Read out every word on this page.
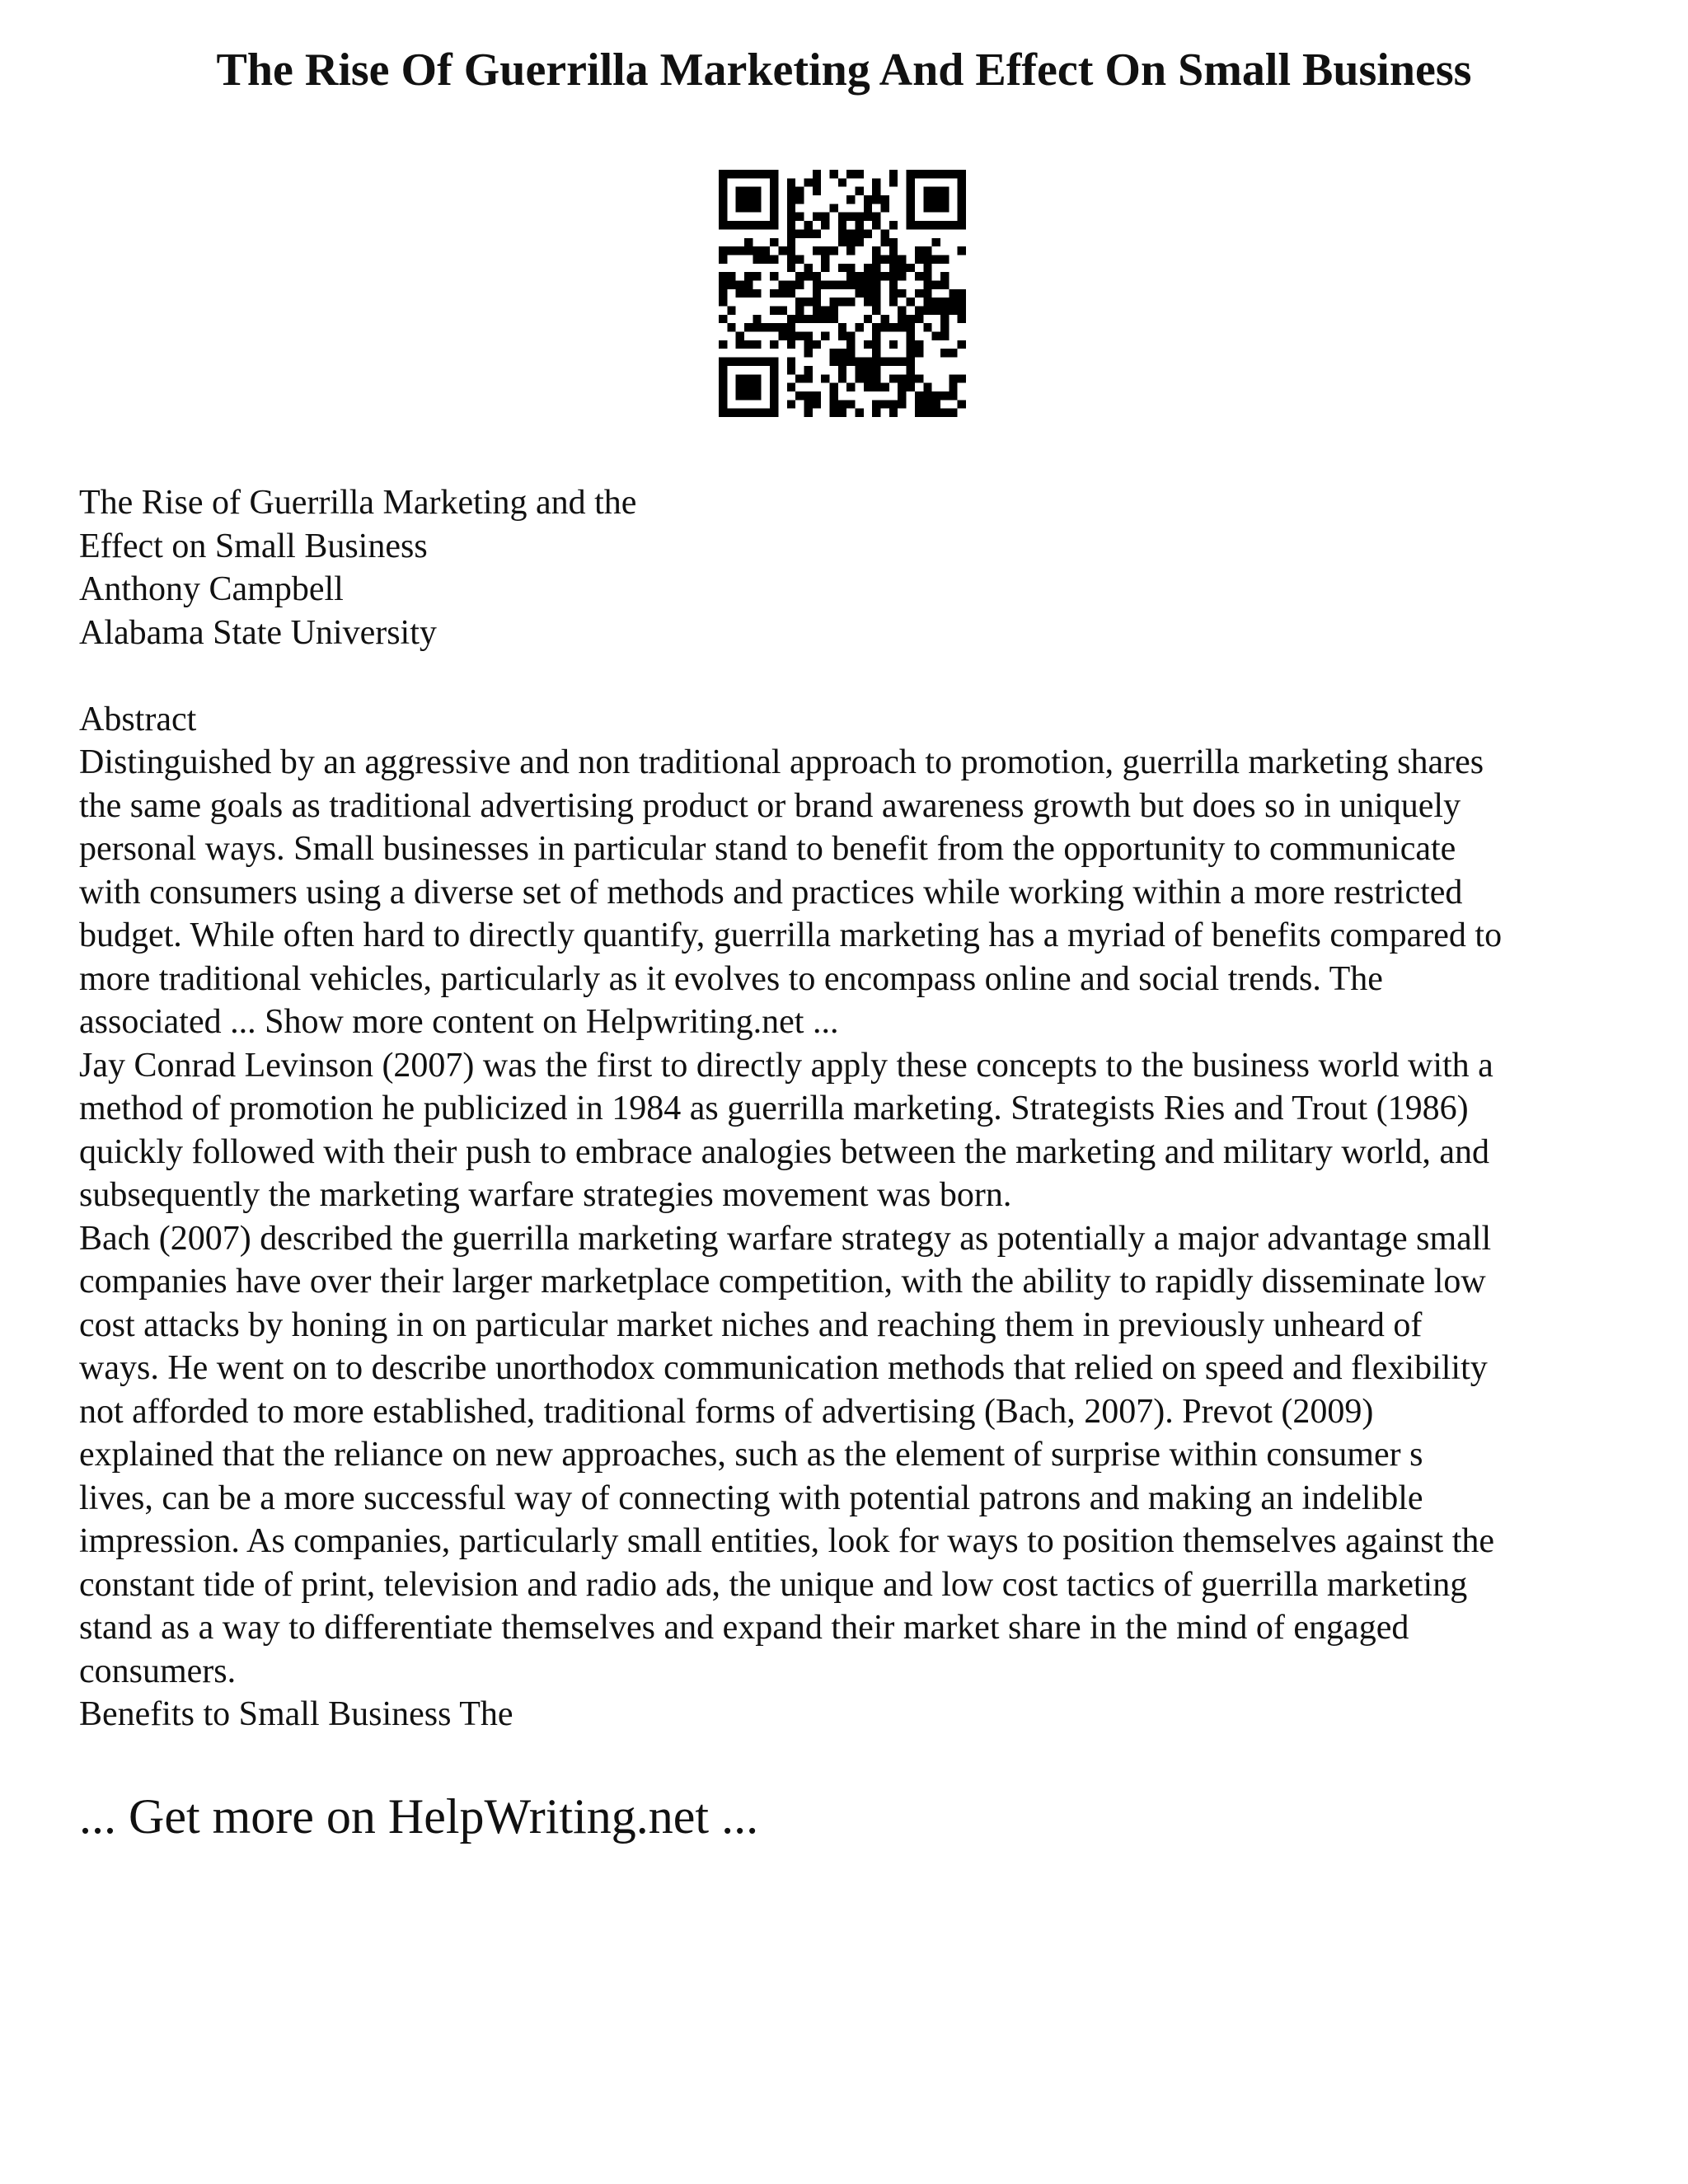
The Rise Of Guerrilla Marketing And Effect On Small Business
The Rise of Guerrilla Marketing and the
Effect on Small Business
Anthony Campbell
Alabama State University
Abstract
Distinguished by an aggressive and non traditional approach to promotion, guerrilla marketing shares
the same goals as traditional advertising product or brand awareness growth but does so in uniquely
personal ways. Small businesses in particular stand to benefit from the opportunity to communicate
with consumers using a diverse set of methods and practices while working within a more restricted
budget. While often hard to directly quantify, guerrilla marketing has a myriad of benefits compared to
more traditional vehicles, particularly as it evolves to encompass online and social trends. The
associated ... Show more content on Helpwriting.net ...
Jay Conrad Levinson (2007) was the first to directly apply these concepts to the business world with a
method of promotion he publicized in 1984 as guerrilla marketing. Strategists Ries and Trout (1986)
quickly followed with their push to embrace analogies between the marketing and military world, and
subsequently the marketing warfare strategies movement was born.
Bach (2007) described the guerrilla marketing warfare strategy as potentially a major advantage small
companies have over their larger marketplace competition, with the ability to rapidly disseminate low
cost attacks by honing in on particular market niches and reaching them in previously unheard of
ways. He went on to describe unorthodox communication methods that relied on speed and flexibility
not afforded to more established, traditional forms of advertising (Bach, 2007). Prevot (2009)
explained that the reliance on new approaches, such as the element of surprise within consumer s
lives, can be a more successful way of connecting with potential patrons and making an indelible
impression. As companies, particularly small entities, look for ways to position themselves against the
constant tide of print, television and radio ads, the unique and low cost tactics of guerrilla marketing
stand as a way to differentiate themselves and expand their market share in the mind of engaged
consumers.
Benefits to Small Business The
... Get more on HelpWriting.net ...
